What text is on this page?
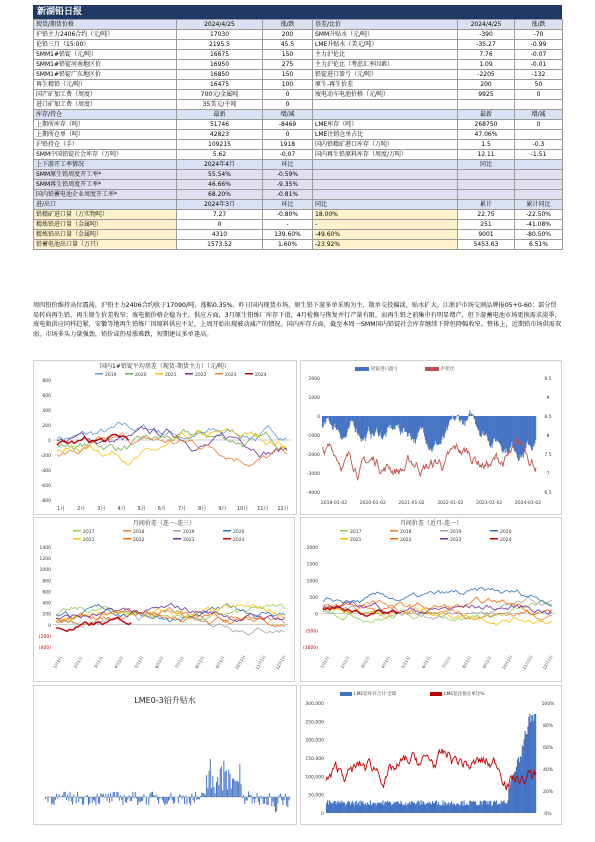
新湖铅日报
现货/期货价格	2024/4/25	涨/跌	基差/比价	2024/4/25	涨/跌
沪铅主力2406合约（元/吨）	17030	200	SMM升贴水（元/吨）	-390	-70
伦铅三月（15:00）	2195.5	45.5	LME升贴水（美元/吨）	-35.27	-0.99
SMM1#铅锭（元/吨）	16675	150	主力沪伦比	7.76	-0.07
SMM1#铅锭河南地区价	16950	275	主力沪伦比（考虑汇率因素）	1.09	-0.01
SMM1#铅锭广东地区价	16850	150	铅锭进口盈亏（元/吨）	-2205	-132
再生精铅（元/吨）	16475	100	原生-再生价差	200	50
国产矿加工费（周度）	700元/金属吨	0	废电动车电池价格（元/吨）	9925	0
进口矿加工费（周度）	35美元/千吨	0			
库存/持仓	最新	增/减		最新	增/减
上期所库存（吨）	51746	-8469	LME库存（吨）	268750	0
上期所仓单（吨）	42823	0	LME注销仓单占比	47.06%	
沪铅持仓（手）	109215	1918	国内铅精矿港口库存（万吨）	1.5	-0.3
SMM中国铅锭社会库存（万吨）	5.62	-0.07	国内再生铅原料库存（周度/万吨）	12.11	-1.51
上下游开工率情况	2024年4月	环比		同比	
SMM原生铅周度开工率*	55.54%	-0.59%			
SMM再生铅周度开工率*	46.66%	-9.35%			
国内铅蓄电池企业周度开工率*	68.20%	-0.81%			
进/出口	2024年3月	环比	同比	累计	累计同比
铅精矿进口量（万实物吨）	7.27	-0.80%	18.00%	22.75	-22.50%
精炼铅进口量（金属吨）	0	-	-	251	-41.08%
精炼铅出口量（金属吨）	4310	139.60%	-49.60%	9001	-80.50%
铅蓄电池出口量（万只）	1573.52	1.60%	-23.92%	5453.63	6.51%
周四铅价维持高位震荡，沪铅主力2406合约收于17090/吨，涨幅0.35%。昨日国内现货市场，原生铅下游多单采购为主，散单交投偏淡，贴水扩大。江浙沪市场交割品牌报05+0-60；部分贸易转向再生铅，再生原生价差收窄；废电瓶价格企稳为主。供应方面，3月原生铅炼厂库存下滑，4月检修与恢复并行产量有限，而再生铅之前集中有明显增产，但下游蓄电池市场更换需求淡季，废电瓶供应同样趋紧，安徽等地再生铅炼厂因原料供应不足，上周开始出现被动减产的情况。国内库存方面，截至本周一SMM国内铅锭社会库存继续下降但降幅收窄。整体上，近期铅市场供需双弱，市场多头力量强劲，铅价或仍易涨难跌，短期建议多单逢高。
国内1#铅锭平均基差（现货-期货主力）（元/吨）
2019	2020	2021	2022	2023	2024
800
600
400
200
0
-200
-400
-600
-800
1月 2月 3月 4月 5月 6月 7月 8月 9月 10月 11月 12月
铅锭进口盈亏	沪伦比
2000
1000
0
-1000
-2000
-3000
-4000
9.5
9
8.5
8
7.5
7
6.5
2019-01-02	2020-01-02	2021-01-02	2022-01-02	2023-01-02	2024-01-02
月间价差（连一-连三）
2017	2018	2019	2020
2021	2022	2023	2024
1400
1200
1000
800
600
400
200
0
(200)
(400)
1月1日 2月1日 3月1日 4月1日 5月1日 6月1日 7月1日 8月1日 9月1日 10月1日 11月1日 12月1日
月间价差（近月-连一）
2017	2018	2019	2020
2021	2022	2023	2024
2000
1500
1000
500
0
(500)
(1000)
1月1日 2月1日 3月1日 4月1日 5月1日 6月1日 7月1日 8月1日 9月1日 10月1日 11月1日 12月1日
LME0-3铅升贴水
LME铅库存合计:全球	LME铅注销仓单比%
300,000
250,000
200,000
150,000
100,000
50,000
0
100%
80%
60%
40%
20%
0%
